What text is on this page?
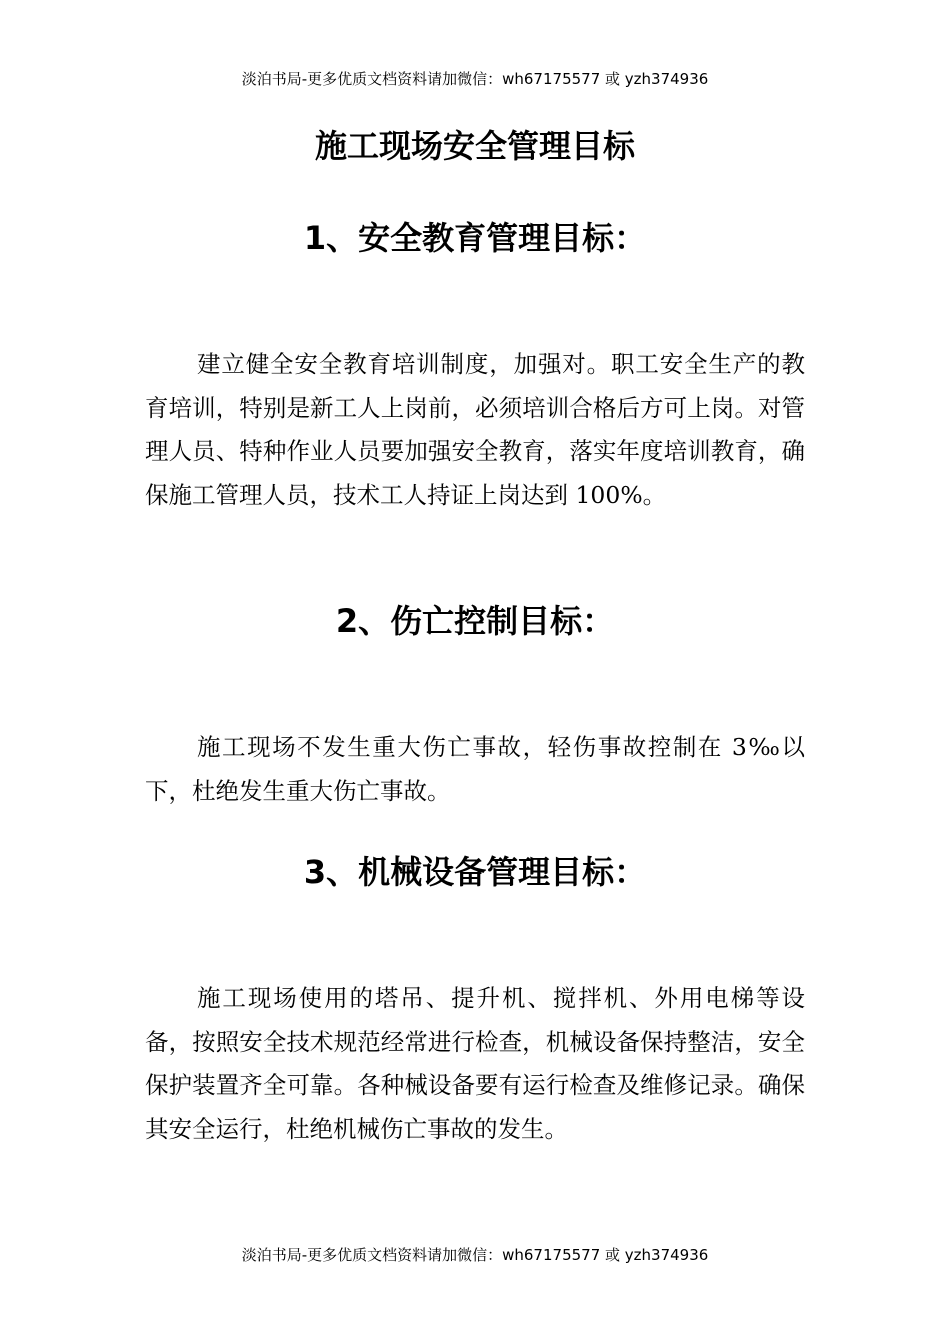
淡泊书局-更多优质文档资料请加微信：wh67175577 或 yzh374936
施工现场安全管理目标
1、安全教育管理目标：

建立健全安全教育培训制度，加强对。职工安全生产的教育培训，特别是新工人上岗前，必须培训合格后方可上岗。对管理人员、特种作业人员要加强安全教育，落实年度培训教育，确保施工管理人员，技术工人持证上岗达到 100%。

2、伤亡控制目标：

施工现场不发生重大伤亡事故，轻伤事故控制在 3‰以下，杜绝发生重大伤亡事故。

3、机械设备管理目标：

施工现场使用的塔吊、提升机、搅拌机、外用电梯等设备，按照安全技术规范经常进行检查，机械设备保持整洁，安全保护装置齐全可靠。各种械设备要有运行检查及维修记录。确保其安全运行，杜绝机械伤亡事故的发生。

淡泊书局-更多优质文档资料请加微信：wh67175577 或 yzh374936
